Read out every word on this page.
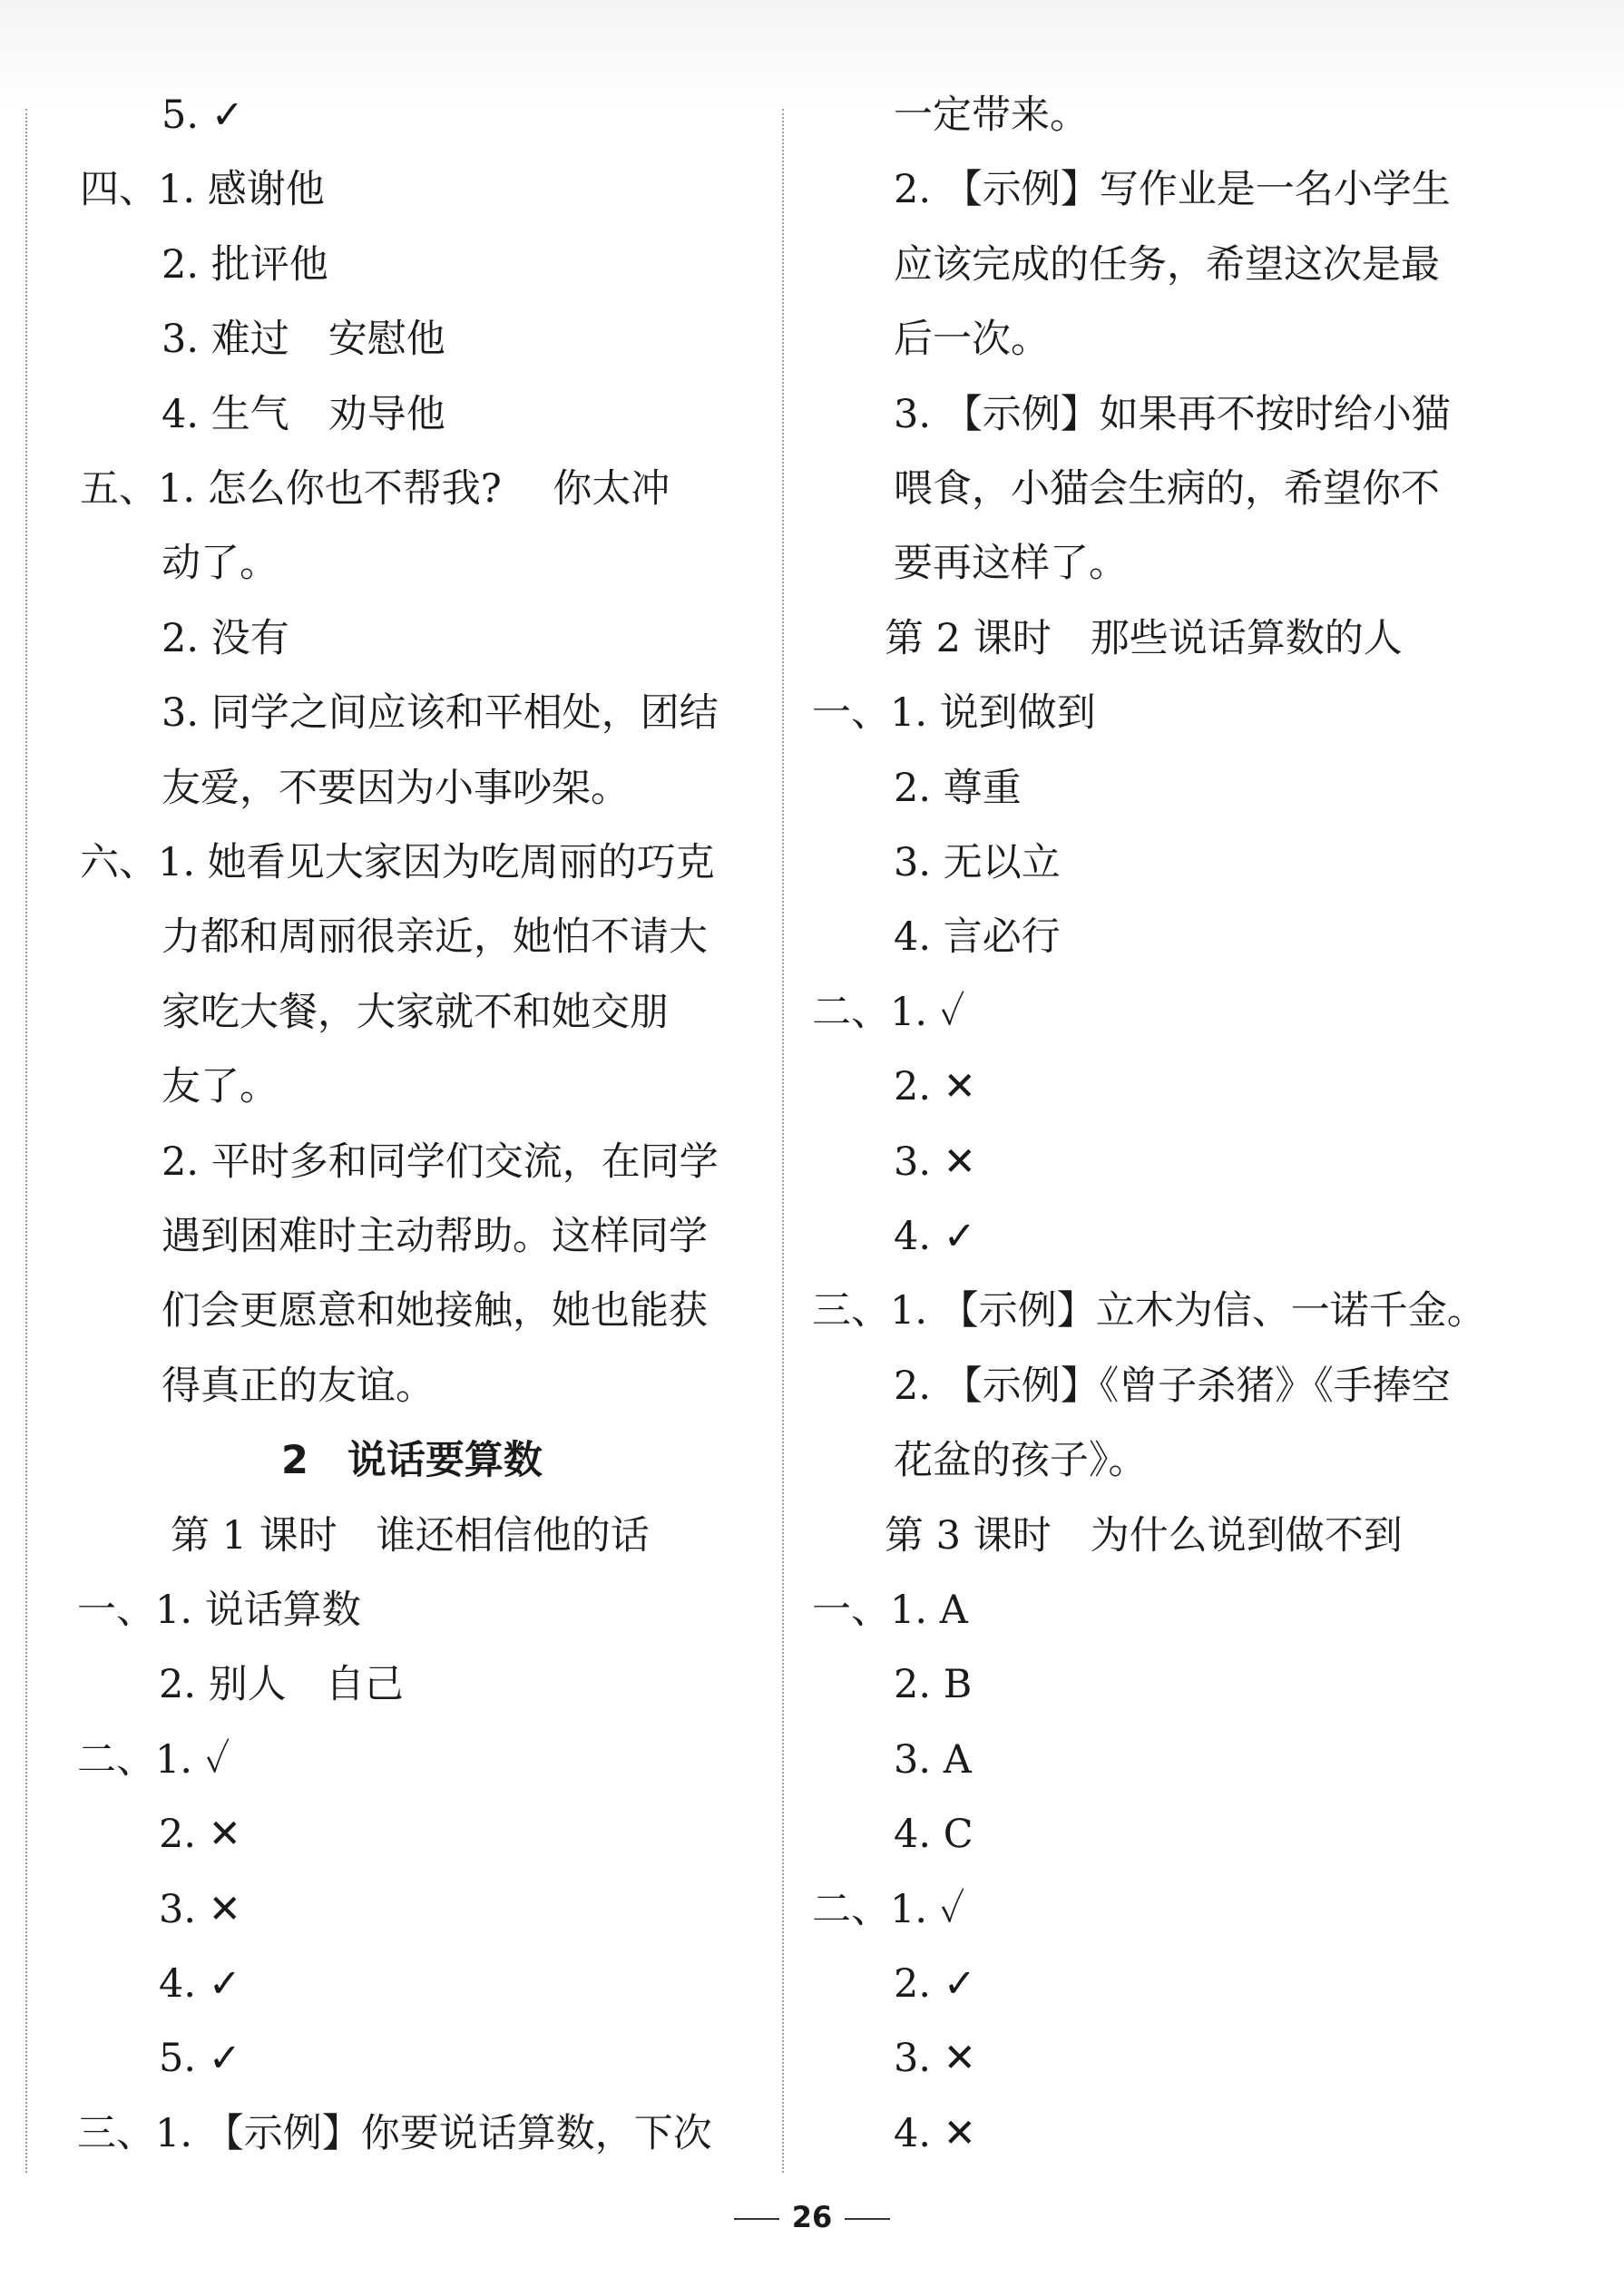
5. ✓
四、1. 感谢他
2. 批评他
3. 难过　安慰他
4. 生气　劝导他
五、1. 怎么你也不帮我?　 你太冲
动了。
2. 没有
3. 同学之间应该和平相处，团结
友爱，不要因为小事吵架。
六、1. 她看见大家因为吃周丽的巧克
力都和周丽很亲近，她怕不请大
家吃大餐，大家就不和她交朋
友了。
2. 平时多和同学们交流，在同学
遇到困难时主动帮助。这样同学
们会更愿意和她接触，她也能获
得真正的友谊。
2　说话要算数
第 1 课时　谁还相信他的话
一、1. 说话算数
2. 别人　自己
二、1. ✓
2. ✕
3. ✕
4. ✓
5. ✓
三、1. 【示例】你要说话算数，下次
一定带来。
2. 【示例】写作业是一名小学生
应该完成的任务，希望这次是最
后一次。
3. 【示例】如果再不按时给小猫
喂食，小猫会生病的，希望你不
要再这样了。
第 2 课时　那些说话算数的人
一、1. 说到做到
2. 尊重
3. 无以立
4. 言必行
二、1. ✓
2. ✕
3. ✕
4. ✓
三、1. 【示例】立木为信、一诺千金。
2. 【示例】《曾子杀猪》《手捧空
花盆的孩子》。
第 3 课时　为什么说到做不到
一、1. A
2. B
3. A
4. C
二、1. ✓
2. ✓
3. ✕
4. ✕
26
